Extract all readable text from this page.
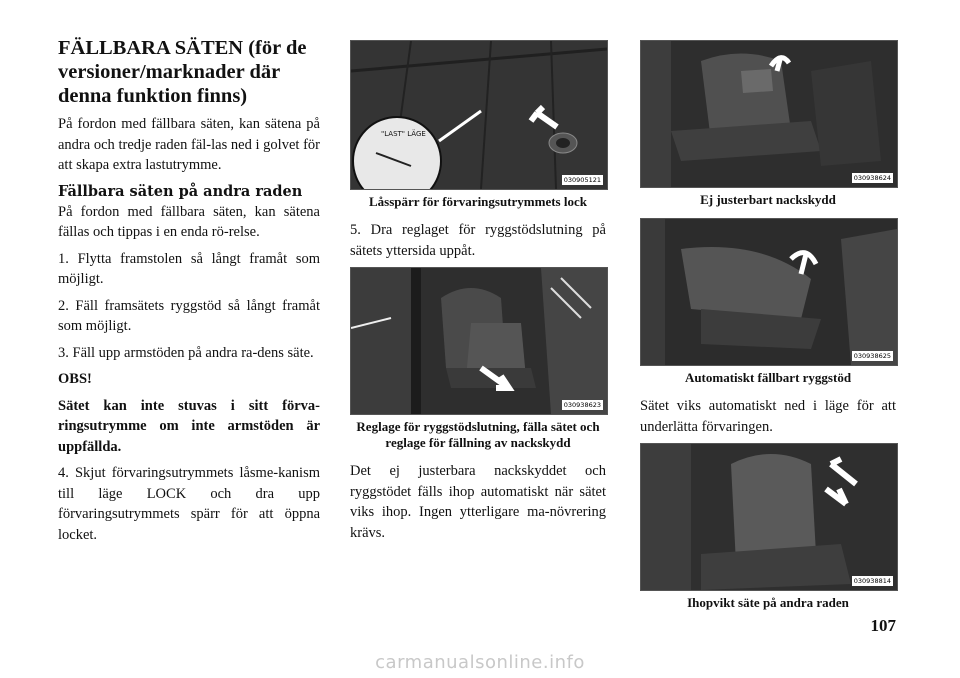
FÄLLBARA SÄTEN (för de versioner/marknader där denna funktion finns)

På fordon med fällbara säten, kan sätena på andra och tredje raden fäl-las ned i golvet för att skapa extra lastutrymme.

Fällbara säten på andra raden

På fordon med fällbara säten, kan sätena fällas och tippas i en enda rö-relse.

1. Flytta framstolen så långt framåt som möjligt.

2. Fäll framsätets ryggstöd så långt framåt som möjligt.

3. Fäll upp armstöden på andra ra-dens säte.

OBS!

Sätet kan inte stuvas i sitt förva-ringsutrymme om inte armstöden är uppfällda.

4. Skjut förvaringsutrymmets låsme-kanism till läge LOCK och dra upp förvaringsutrymmets spärr för att öppna locket.

"LAST" LÄGE
030905121
Låsspärr för förvaringsutrymmets lock

5. Dra reglaget för ryggstödslutning på sätets yttersida uppåt.

030938623
Reglage för ryggstödslutning, fälla sätet och reglage för fällning av nackskydd

Det ej justerbara nackskyddet och ryggstödet fälls ihop automatiskt när sätet viks ihop. Ingen ytterligare ma-növrering krävs.

030938624
Ej justerbart nackskydd
030938625
Automatiskt fällbart ryggstöd

Sätet viks automatiskt ned i läge för att underlätta förvaringen.

030938814
Ihopvikt säte på andra raden
107
carmanualsonline.info
